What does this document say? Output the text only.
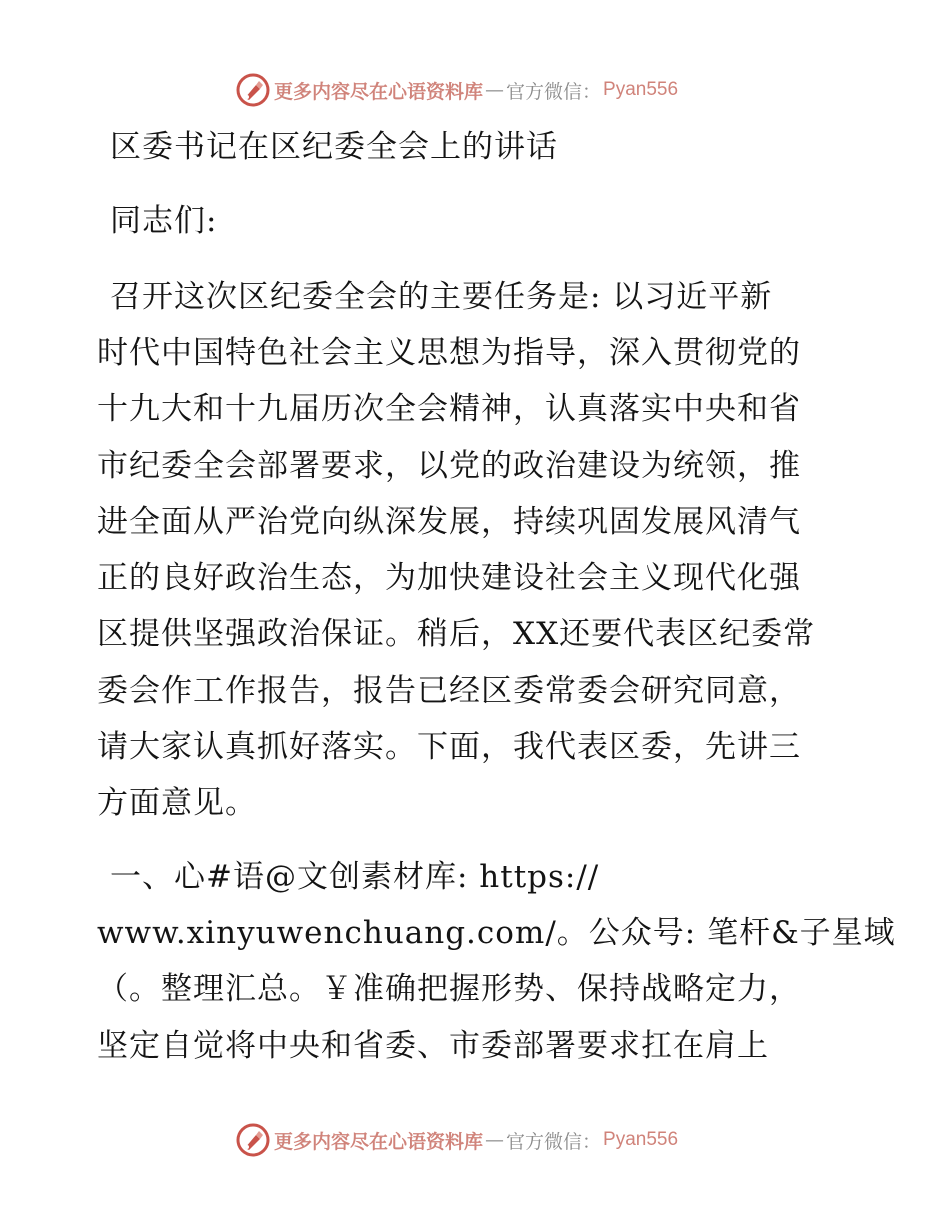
更多内容尽在心语资料库 — 官方微信： Pyan556
区委书记在区纪委全会上的讲话
同志们:
召开这次区纪委全会的主要任务是: 以习近平新
时代中国特色社会主义思想为指导，深入贯彻党的
十九大和十九届历次全会精神，认真落实中央和省
市纪委全会部署要求，以党的政治建设为统领，推
进全面从严治党向纵深发展，持续巩固发展风清气
正的良好政治生态，为加快建设社会主义现代化强
区提供坚强政治保证。稍后，XX还要代表区纪委常
委会作工作报告，报告已经区委常委会研究同意，
请大家认真抓好落实。下面，我代表区委，先讲三
方面意见。
一、心#语@文创素材库: https://
www.xinyuwenchuang.com/。公众号: 笔杆&子星域
（。整理汇总。￥准确把握形势、保持战略定力，
坚定自觉将中央和省委、市委部署要求扛在肩上
更多内容尽在心语资料库 — 官方微信： Pyan556
